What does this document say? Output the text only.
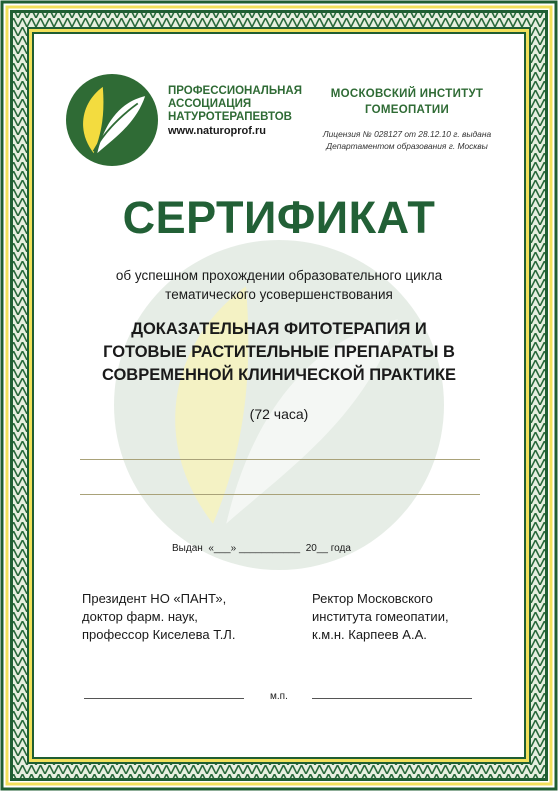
ПРОФЕССИОНАЛЬНАЯ
АССОЦИАЦИЯ
НАТУРОТЕРАПЕВТОВ
www.naturoprof.ru
МОСКОВСКИЙ ИНСТИТУТ
ГОМЕОПАТИИ
Лицензия № 028127 от 28.12.10 г. выдана
Департаментом образования г. Москвы
СЕРТИФИКАТ
об успешном прохождении образовательного цикла
тематического усовершенствования
ДОКАЗАТЕЛЬНАЯ ФИТОТЕРАПИЯ И
ГОТОВЫЕ РАСТИТЕЛЬНЫЕ ПРЕПАРАТЫ В
СОВРЕМЕННОЙ КЛИНИЧЕСКОЙ ПРАКТИКЕ
(72 часа)
Выдан «___» ___________ 20__ года
Президент НО «ПАНТ»,
доктор фарм. наук,
профессор Киселева Т.Л.
Ректор Московского
института гомеопатии,
к.м.н. Карпеев А.А.
м.п.
